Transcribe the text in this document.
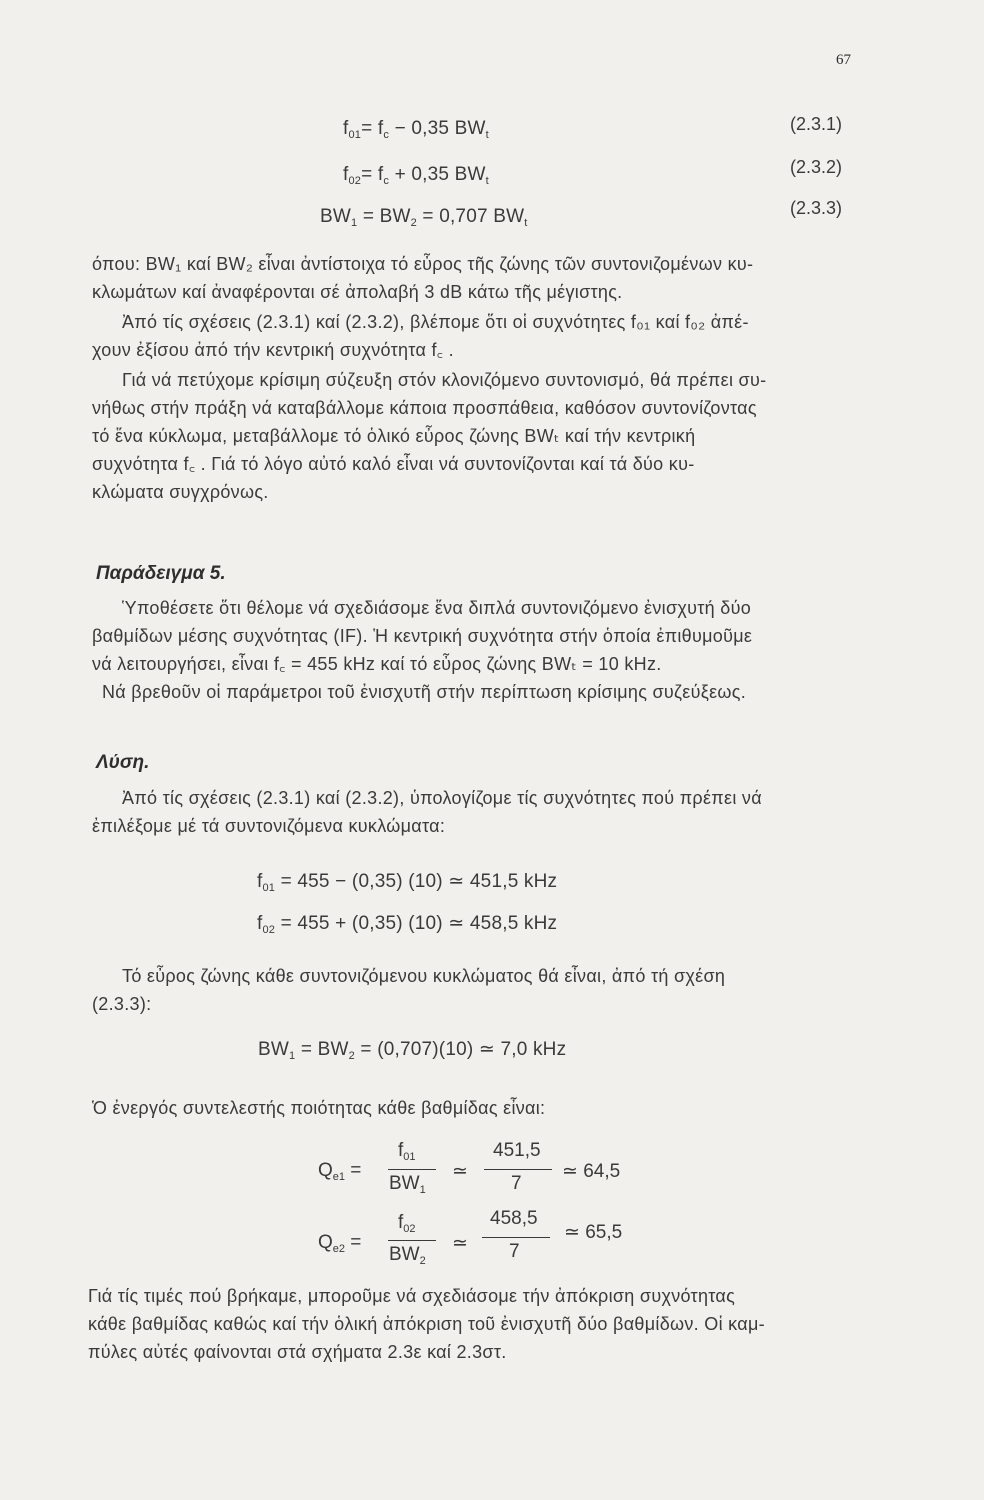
67
$f_{01}= f_c - 0,35$ $BW_t$
(2.3.1)
$f_{02}= f_c + 0,35$ $BW_t$
(2.3.2)
$BW_1 = BW_2 = 0,707$ $BW_t$
(2.3.3)
όπου: BW₁ καί BW₂ εἶναι ἀντίστοιχα τό εὖρος τῆς ζώνης τῶν συντονιζομένων κυ-
κλωμάτων καί ἀναφέρονται σέ ἀπολαβή 3 dB κάτω τῆς μέγιστης.
Ἀπό τίς σχέσεις (2.3.1) καί (2.3.2), βλέπομε ὅτι οἱ συχνότητες f₀₁ καί f₀₂ ἀπέ-
χουν ἐξίσου ἀπό τήν κεντρική συχνότητα f꜀ .
Γιά νά πετύχομε κρίσιμη σύζευξη στόν κλονιζόμενο συντονισμό, θά πρέπει συ-
νήθως στήν πράξη νά καταβάλλομε κάποια προσπάθεια, καθόσον συντονίζοντας
τό ἕνα κύκλωμα, μεταβάλλομε τό ὁλικό εὖρος ζώνης BWₜ καί τήν κεντρική
συχνότητα f꜀ . Γιά τό λόγο αὐτό καλό εἶναι νά συντονίζονται καί τά δύο κυ-
κλώματα συγχρόνως.
Παράδειγμα 5.
Ὑποθέσετε ὅτι θέλομε νά σχεδιάσομε ἕνα διπλά συντονιζόμενο ἐνισχυτή δύο
βαθμίδων μέσης συχνότητας (IF). Ἡ κεντρική συχνότητα στήν ὁποία ἐπιθυμοῦμε
νά λειτουργήσει, εἶναι f꜀ = 455 kHz καί τό εὖρος ζώνης BWₜ = 10 kHz.
Νά βρεθοῦν οἱ παράμετροι τοῦ ἐνισχυτῆ στήν περίπτωση κρίσιμης συζεύξεως.
Λύση.
Ἀπό τίς σχέσεις (2.3.1) καί (2.3.2), ὑπολογίζομε τίς συχνότητες πού πρέπει νά
ἐπιλέξομε μέ τά συντονιζόμενα κυκλώματα:
$f_{01} = 455 - (0,35)$ (10) ≃ 451,5 kHz
$f_{02} = 455 + (0,35)$ (10) ≃ 458,5 kHz
Τό εὖρος ζώνης κάθε συντονιζόμενου κυκλώματος θά εἶναι, ἀπό τή σχέση
(2.3.3):
$BW_1 = BW_2 = (0,707)(10)$ ≃ 7,0 kHz
Ὁ ἐνεργός συντελεστής ποιότητας κάθε βαθμίδας εἶναι:
$Q_{e1}$ =
$f_{01}$
$BW_1$
≃
451,5
7
≃ 64,5
$Q_{e2}$ =
$f_{02}$
$BW_2$
≃
458,5
7
≃ 65,5
Γιά τίς τιμές πού βρήκαμε, μποροῦμε νά σχεδιάσομε τήν ἀπόκριση συχνότητας
κάθε βαθμίδας καθώς καί τήν ὁλική ἀπόκριση τοῦ ἐνισχυτῆ δύο βαθμίδων. Οἱ καμ-
πύλες αὐτές φαίνονται στά σχήματα 2.3ε καί 2.3στ.
